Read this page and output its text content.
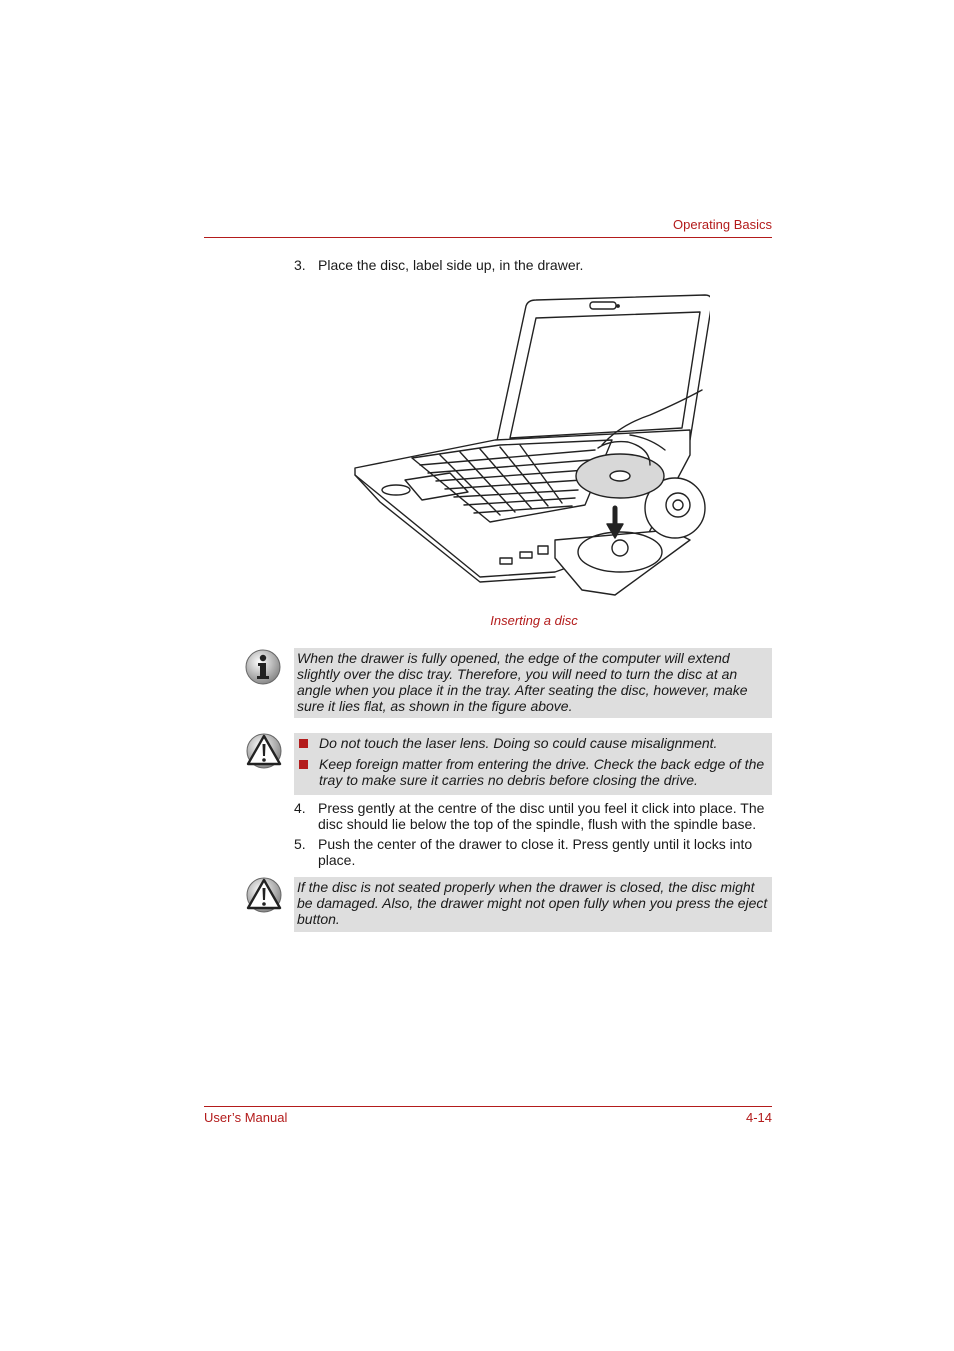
Operating Basics
3. Place the disc, label side up, in the drawer.
Inserting a disc
When the drawer is fully opened, the edge of the computer will extend slightly over the disc tray. Therefore, you will need to turn the disc at an angle when you place it in the tray. After seating the disc, however, make sure it lies flat, as shown in the figure above.
Do not touch the laser lens. Doing so could cause misalignment.
Keep foreign matter from entering the drive. Check the back edge of the tray to make sure it carries no debris before closing the drive.
4. Press gently at the centre of the disc until you feel it click into place. The disc should lie below the top of the spindle, flush with the spindle base.
5. Push the center of the drawer to close it. Press gently until it locks into place.
If the disc is not seated properly when the drawer is closed, the disc might be damaged. Also, the drawer might not open fully when you press the eject button.
User’s Manual	4-14
